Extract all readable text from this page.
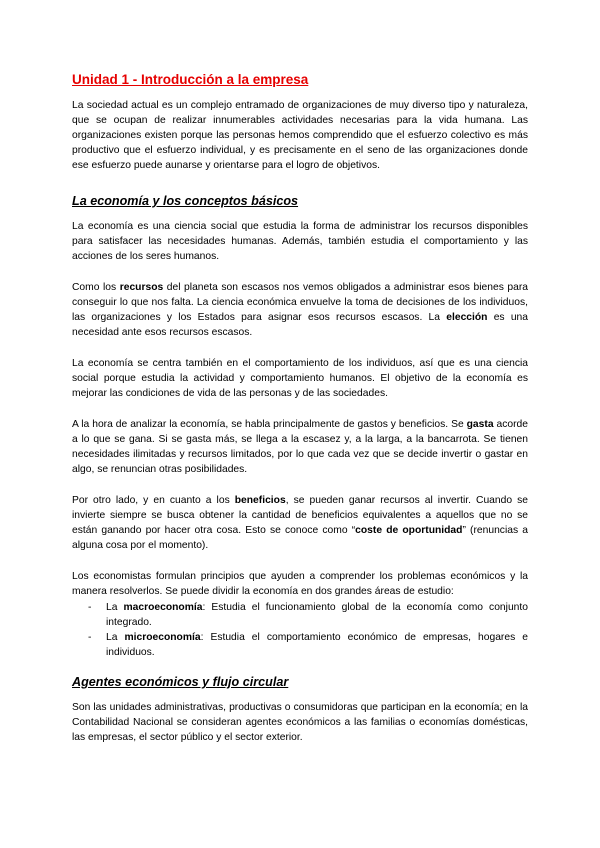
Unidad 1 - Introducción a la empresa

La sociedad actual es un complejo entramado de organizaciones de muy diverso tipo y naturaleza, que se ocupan de realizar innumerables actividades necesarias para la vida humana. Las organizaciones existen porque las personas hemos comprendido que el esfuerzo colectivo es más productivo que el esfuerzo individual, y es precisamente en el seno de las organizaciones donde ese esfuerzo puede aunarse y orientarse para el logro de objetivos.

La economía y los conceptos básicos

La economía es una ciencia social que estudia la forma de administrar los recursos disponibles para satisfacer las necesidades humanas. Además, también estudia el comportamiento y las acciones de los seres humanos.

Como los recursos del planeta son escasos nos vemos obligados a administrar esos bienes para conseguir lo que nos falta. La ciencia económica envuelve la toma de decisiones de los individuos, las organizaciones y los Estados para asignar esos recursos escasos. La elección es una necesidad ante esos recursos escasos.

La economía se centra también en el comportamiento de los individuos, así que es una ciencia social porque estudia la actividad y comportamiento humanos. El objetivo de la economía es mejorar las condiciones de vida de las personas y de las sociedades.

A la hora de analizar la economía, se habla principalmente de gastos y beneficios. Se gasta acorde a lo que se gana. Si se gasta más, se llega a la escasez y, a la larga, a la bancarrota. Se tienen necesidades ilimitadas y recursos limitados, por lo que cada vez que se decide invertir o gastar en algo, se renuncian otras posibilidades.

Por otro lado, y en cuanto a los beneficios, se pueden ganar recursos al invertir. Cuando se invierte siempre se busca obtener la cantidad de beneficios equivalentes a aquellos que no se están ganando por hacer otra cosa. Esto se conoce como “coste de oportunidad” (renuncias a alguna cosa por el momento).

Los economistas formulan principios que ayuden a comprender los problemas económicos y la manera resolverlos. Se puede dividir la economía en dos grandes áreas de estudio:

- La macroeconomía: Estudia el funcionamiento global de la economía como conjunto integrado.
- La microeconomía: Estudia el comportamiento económico de empresas, hogares e individuos.
Agentes económicos y flujo circular

Son las unidades administrativas, productivas o consumidoras que participan en la economía; en la Contabilidad Nacional se consideran agentes económicos a las familias o economías domésticas, las empresas, el sector público y el sector exterior.
